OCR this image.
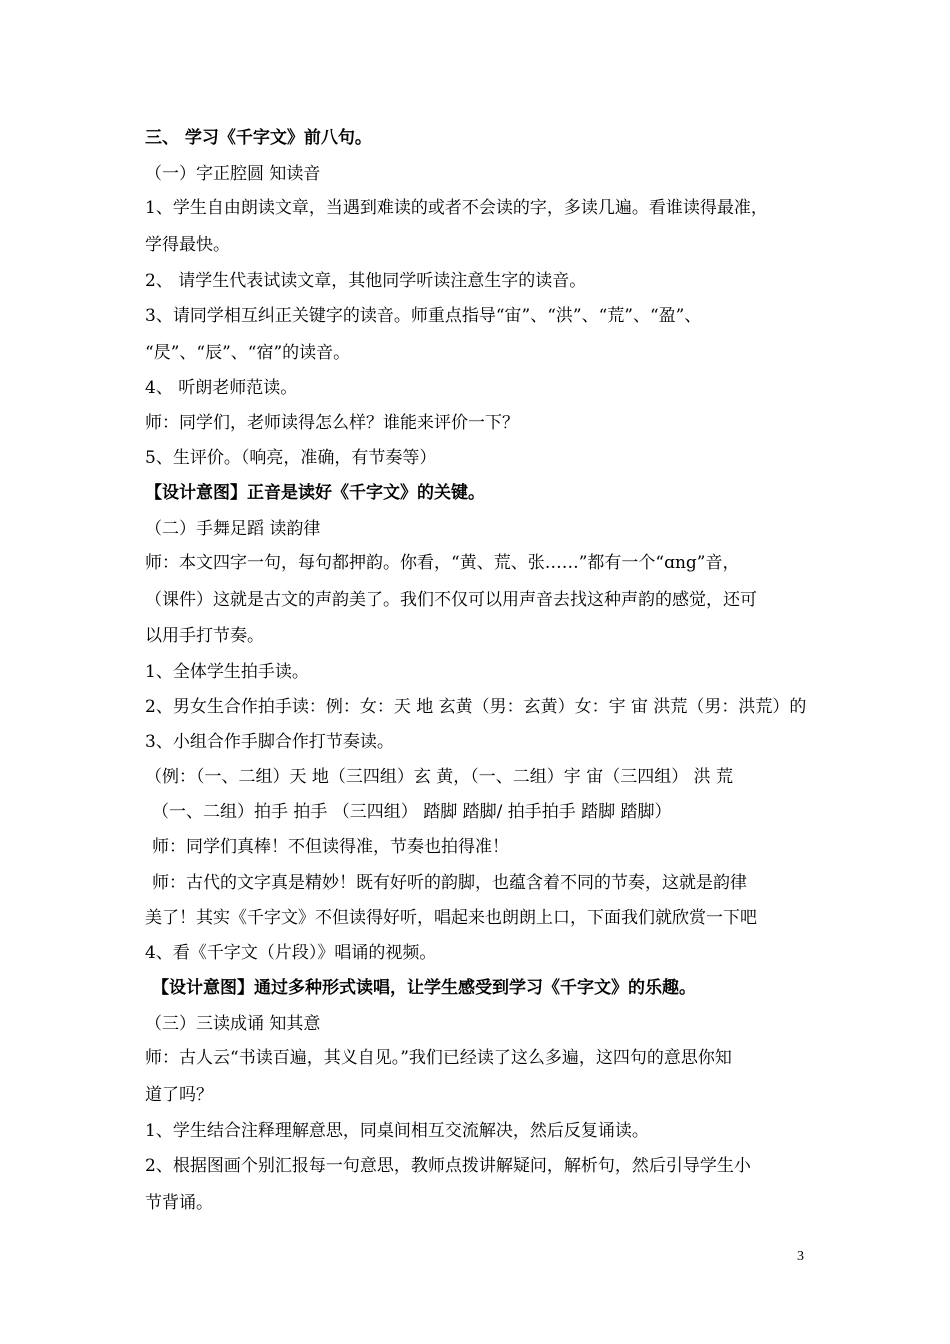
三、 学习《千字文》前八句。
（一）字正腔圆 知读音
1、学生自由朗读文章，当遇到难读的或者不会读的字，多读几遍。看谁读得最准，
学得最快。
2、 请学生代表试读文章，其他同学听读注意生字的读音。
3、请同学相互纠正关键字的读音。师重点指导“宙”、“洪”、“荒”、“盈”、
“昃”、“辰”、“宿”的读音。
4、 听朗老师范读。
师：同学们，老师读得怎么样？谁能来评价一下？
5、生评价。（响亮，准确，有节奏等）
【设计意图】正音是读好《千字文》的关键。
（二）手舞足蹈 读韵律
师：本文四字一句，每句都押韵。你看，“黄、荒、张……”都有一个“ɑng”音，
（课件）这就是古文的声韵美了。我们不仅可以用声音去找这种声韵的感觉，还可
以用手打节奏。
1、全体学生拍手读。
2、男女生合作拍手读：例：女：天 地 玄黄（男：玄黄）女：宇 宙 洪荒（男：洪荒）的
3、小组合作手脚合作打节奏读。
（例：（一、二组）天 地（三四组）玄 黄，（一、二组）宇 宙（三四组） 洪 荒
（一、二组）拍手 拍手 （三四组） 踏脚 踏脚/ 拍手拍手 踏脚 踏脚）
师：同学们真棒！不但读得准，节奏也拍得准！
师：古代的文字真是精妙！既有好听的韵脚，也蕴含着不同的节奏，这就是韵律
美了！其实《千字文》不但读得好听，唱起来也朗朗上口，下面我们就欣赏一下吧
4、看《千字文（片段）》唱诵的视频。
【设计意图】通过多种形式读唱，让学生感受到学习《千字文》的乐趣。
（三）三读成诵 知其意
师：古人云“书读百遍，其义自见。”我们已经读了这么多遍，这四句的意思你知
道了吗？
1、学生结合注释理解意思，同桌间相互交流解决，然后反复诵读。
2、根据图画个别汇报每一句意思，教师点拨讲解疑问，解析句，然后引导学生小
节背诵。
3
